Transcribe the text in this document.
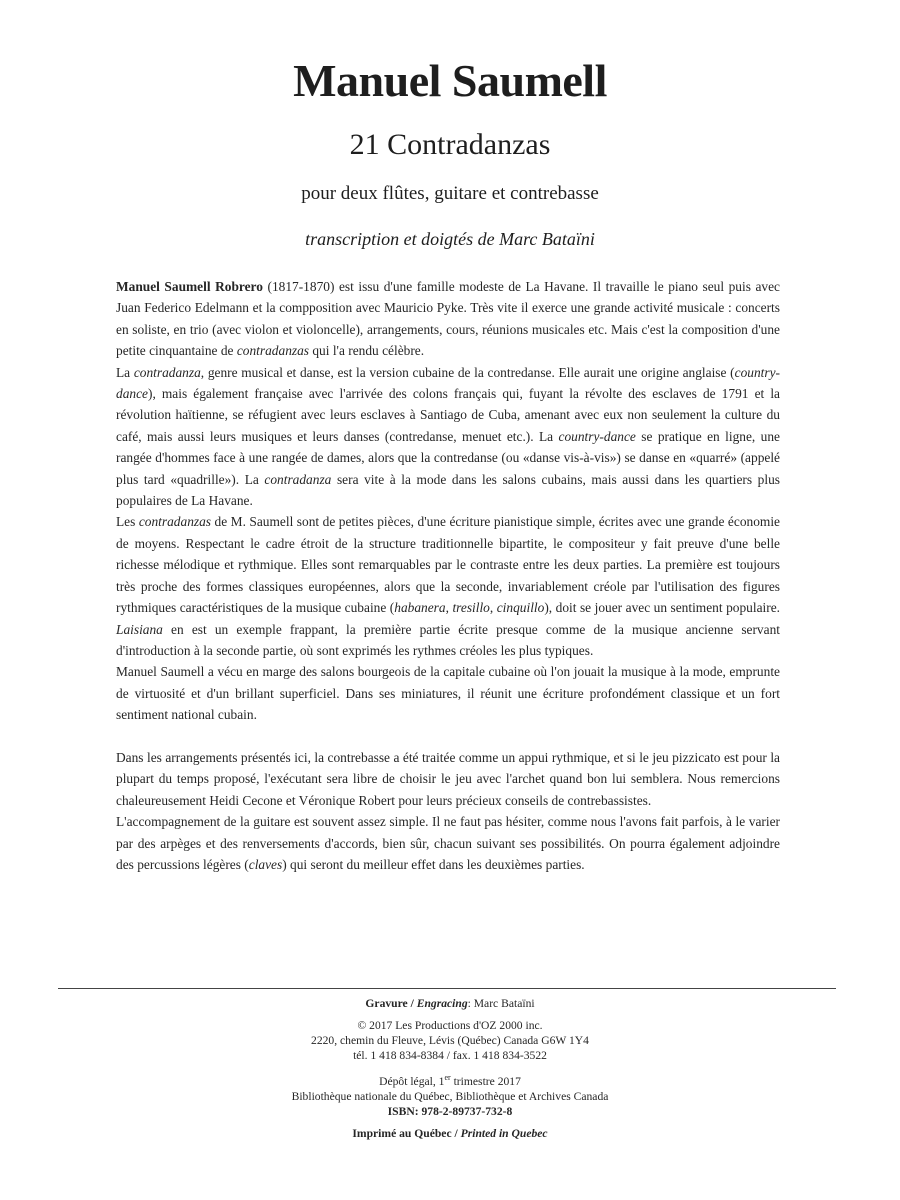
Manuel Saumell
21 Contradanzas
pour deux flûtes, guitare et contrebasse
transcription et doigtés de Marc Bataïni

Manuel Saumell Robrero (1817-1870) est issu d'une famille modeste de La Havane. Il travaille le piano seul puis avec Juan Federico Edelmann et la compposition avec Mauricio Pyke. Très vite il exerce une grande activité musicale : concerts en soliste, en trio (avec violon et violoncelle), arrangements, cours, réunions musicales etc. Mais c'est la composition d'une petite cinquantaine de contradanzas qui l'a rendu célèbre.

La contradanza, genre musical et danse, est la version cubaine de la contredanse. Elle aurait une origine anglaise (country-dance), mais également française avec l'arrivée des colons français qui, fuyant la révolte des esclaves de 1791 et la révolution haïtienne, se réfugient avec leurs esclaves à Santiago de Cuba, amenant avec eux non seulement la culture du café, mais aussi leurs musiques et leurs danses (contredanse, menuet etc.). La country-dance se pratique en ligne, une rangée d'hommes face à une rangée de dames, alors que la contredanse (ou «danse vis-à-vis») se danse en «quarré» (appelé plus tard «quadrille»). La contradanza sera vite à la mode dans les salons cubains, mais aussi dans les quartiers plus populaires de La Havane.

Les contradanzas de M. Saumell sont de petites pièces, d'une écriture pianistique simple, écrites avec une grande économie de moyens. Respectant le cadre étroit de la structure traditionnelle bipartite, le compositeur y fait preuve d'une belle richesse mélodique et rythmique. Elles sont remarquables par le contraste entre les deux parties. La première est toujours très proche des formes classiques européennes, alors que la seconde, invariablement créole par l'utilisation des figures rythmiques caractéristiques de la musique cubaine (habanera, tresillo, cinquillo), doit se jouer avec un sentiment populaire. Laisiana en est un exemple frappant, la première partie écrite presque comme de la musique ancienne servant d'introduction à la seconde partie, où sont exprimés les rythmes créoles les plus typiques.

Manuel Saumell a vécu en marge des salons bourgeois de la capitale cubaine où l'on jouait la musique à la mode, emprunte de virtuosité et d'un brillant superficiel. Dans ses miniatures, il réunit une écriture profondément classique et un fort sentiment national cubain.

Dans les arrangements présentés ici, la contrebasse a été traitée comme un appui rythmique, et si le jeu pizzicato est pour la plupart du temps proposé, l'exécutant sera libre de choisir le jeu avec l'archet quand bon lui semblera. Nous remercions chaleureusement Heidi Cecone et Véronique Robert pour leurs précieux conseils de contrebassistes.

L'accompagnement de la guitare est souvent assez simple. Il ne faut pas hésiter, comme nous l'avons fait parfois, à le varier par des arpèges et des renversements d'accords, bien sûr, chacun suivant ses possibilités. On pourra également adjoindre des percussions légères (claves) qui seront du meilleur effet dans les deuxièmes parties.

Gravure / Engracing: Marc Bataïni

© 2017 Les Productions d'OZ 2000 inc.

2220, chemin du Fleuve, Lévis (Québec) Canada G6W 1Y4

tél. 1 418 834-8384 / fax. 1 418 834-3522

Dépôt légal, 1er trimestre 2017

Bibliothèque nationale du Québec, Bibliothèque et Archives Canada

ISBN: 978-2-89737-732-8

Imprimé au Québec / Printed in Quebec
